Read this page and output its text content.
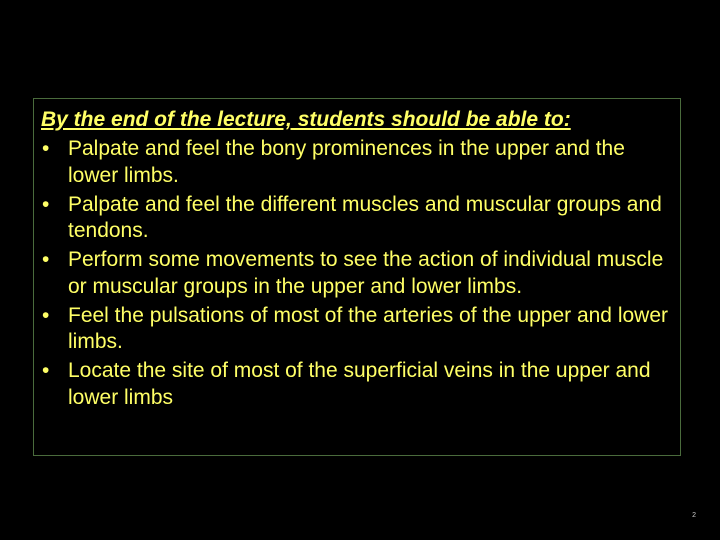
By the end of the lecture, students should be able to:
• Palpate and feel the bony prominences in the upper and the lower limbs.
• Palpate and feel the different muscles and muscular groups and tendons.
• Perform some movements to see the action of individual muscle or muscular groups in the upper and lower limbs.
• Feel the pulsations of most of the arteries of the upper and lower limbs.
• Locate the site of most of the superficial veins in the upper and lower limbs
2
